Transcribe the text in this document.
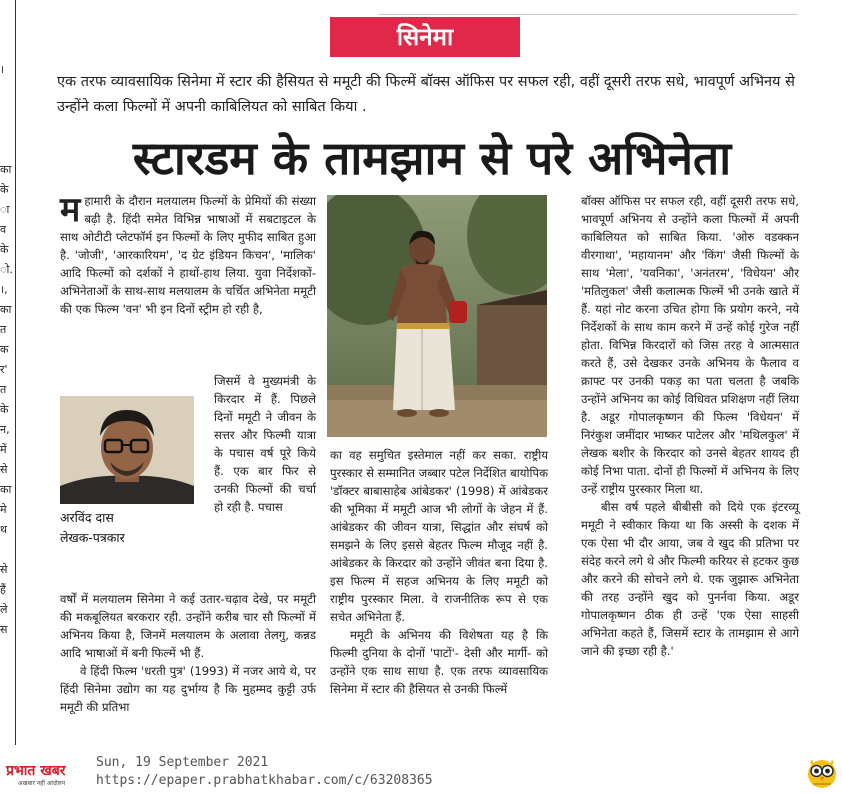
।
का
के
ा
व
के
ो.
।,
का
त
क
र'
त
के
न,
में
से
का
मे
थ
से
हैं
ले
स
सिनेमा
एक तरफ व्यावसायिक सिनेमा में स्टार की हैसियत से ममूटी की फिल्में बॉक्स ऑफिस पर सफल रही, वहीं दूसरी तरफ सधे, भावपूर्ण अभिनय से उन्होंने कला फिल्मों में अपनी काबिलियत को साबित किया .
स्टारडम के तामझाम से परे अभिनेता
म हामारी के दौरान मलयालम फिल्मों के प्रेमियों की संख्या बढ़ी है. हिंदी समेत विभिन्न भाषाओं में सबटाइटल के साथ ओटीटी प्लेटफॉर्म इन फिल्मों के लिए मुफीद साबित हुआ है. 'जोजी', 'आरकारियम', 'द ग्रेट इंडियन किचन', 'मालिक' आदि फिल्मों को दर्शकों ने हाथों-हाथ लिया. युवा निर्देशकों-अभिनेताओं के साथ-साथ मलयालम के चर्चित अभिनेता ममूटी की एक फिल्म 'वन' भी इन दिनों स्ट्रीम हो रही है,
जिसमें वे मुख्यमंत्री के किरदार में हैं. पिछले दिनों ममूटी ने जीवन के सत्तर और फिल्मी यात्रा के पचास वर्ष पूरे किये हैं. एक बार फिर से उनकी फिल्मों की चर्चा हो रही है. पचास
अरविंद दास
लेखक-पत्रकार

वर्षों में मलयालम सिनेमा ने कई उतार-चढ़ाव देखे, पर ममूटी की मकबूलियत बरकरार रही. उन्होंने करीब चार सौ फिल्मों में अभिनय किया है, जिनमें मलयालम के अलावा तेलगु, कन्नड आदि भाषाओं में बनी फिल्में भी हैं.

वे हिंदी फिल्म 'धरती पुत्र' (1993) में नजर आये थे, पर हिंदी सिनेमा उद्योग का यह दुर्भाग्य है कि मुहम्मद कुट्टी उर्फ ममूटी की प्रतिभा

का वह समुचित इस्तेमाल नहीं कर सका. राष्ट्रीय पुरस्कार से सम्मानित जब्बार पटेल निर्देशित बायोपिक 'डॉक्टर बाबासाहेब आंबेडकर' (1998) में आंबेडकर की भूमिका में ममूटी आज भी लोगों के जेहन में हैं. आंबेडकर की जीवन यात्रा, सिद्धांत और संघर्ष को समझने के लिए इससे बेहतर फिल्म मौजूद नहीं है. आंबेडकर के किरदार को उन्होंने जीवंत बना दिया है. इस फिल्म में सहज अभिनय के लिए ममूटी को राष्ट्रीय पुरस्कार मिला. वे राजनीतिक रूप से एक सचेत अभिनेता हैं.

ममूटी के अभिनय की विशेषता यह है कि फिल्मी दुनिया के दोनों 'पाटों'- देसी और मार्गी- को उन्होंने एक साथ साधा है. एक तरफ व्यावसायिक सिनेमा में स्टार की हैसियत से उनकी फिल्में

बॉक्स ऑफिस पर सफल रही, वहीं दूसरी तरफ सधे, भावपूर्ण अभिनय से उन्होंने कला फिल्मों में अपनी काबिलियत को साबित किया. 'ओरु वडक्कन वीरगाथा', 'महायानम' और 'किंग' जैसी फिल्मों के साथ 'मेला', 'यवनिका', 'अनंतरम', 'विधेयन' और 'मतिलुकल' जैसी कलात्मक फिल्में भी उनके खाते में हैं. यहां नोट करना उचित होगा कि प्रयोग करने, नये निर्देशकों के साथ काम करने में उन्हें कोई गुरेज नहीं होता. विभिन्न किरदारों को जिस तरह वे आत्मसात करते हैं, उसे देखकर उनके अभिनय के फैलाव व क्राफ्ट पर उनकी पकड़ का पता चलता है जबकि उन्होंने अभिनय का कोई विधिवत प्रशिक्षण नहीं लिया है. अडूर गोपालकृष्णन की फिल्म 'विधेयन' में निरंकुश जमींदार भाष्कर पाटेलर और 'मथिलकुल' में लेखक बशीर के किरदार को उनसे बेहतर शायद ही कोई निभा पाता. दोनों ही फिल्मों में अभिनय के लिए उन्हें राष्ट्रीय पुरस्कार मिला था.

बीस वर्ष पहले बीबीसी को दिये एक इंटरव्यू ममूटी ने स्वीकार किया था कि अस्सी के दशक में एक ऐसा भी दौर आया, जब वे खुद की प्रतिभा पर संदेह करने लगे थे और फिल्मी करियर से हटकर कुछ और करने की सोचने लगे थे. एक जुझारू अभिनेता की तरह उन्होंने खुद को पुनर्नवा किया. अडूर गोपालकृष्णन ठीक ही उन्हें 'एक ऐसा साहसी अभिनेता कहते हैं, जिसमें स्टार के तामझाम से आगे जाने की इच्छा रही है.'

प्रभात खबर
अखबार नहीं आंदोलन
Sun, 19 September 2021
https://epaper.prabhatkhabar.com/c/63208365
